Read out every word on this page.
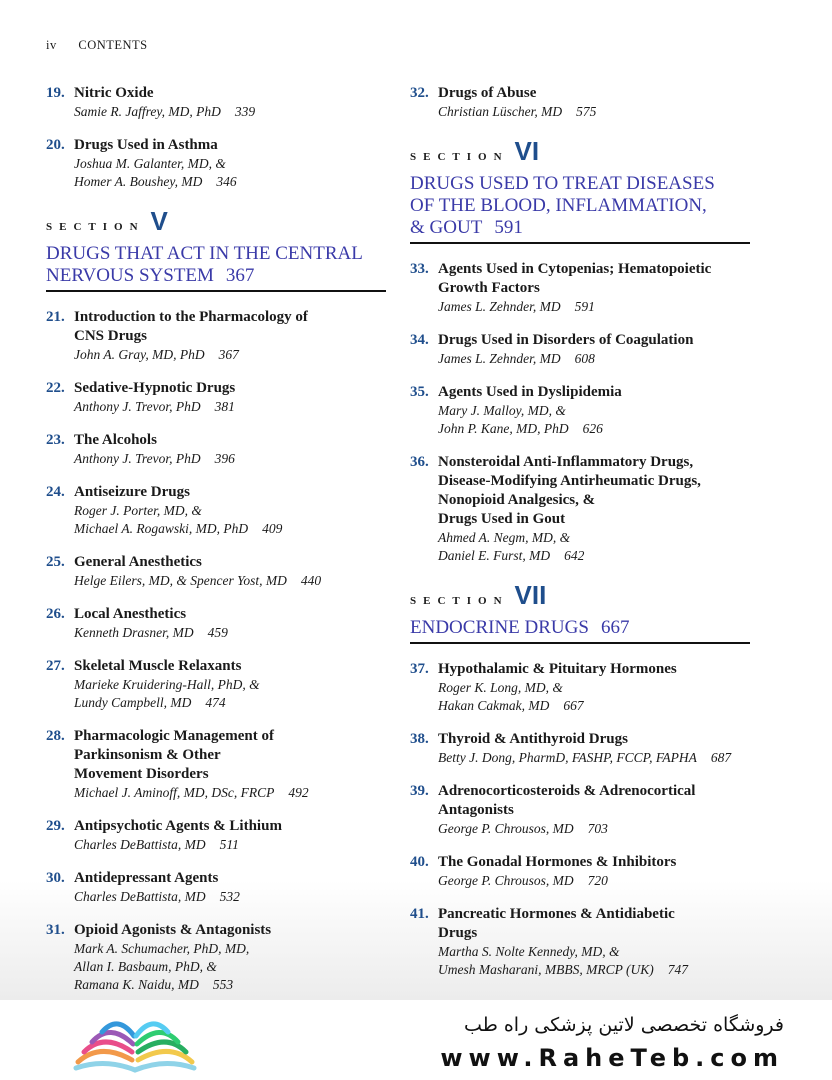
iv CONTENTS
19. Nitric Oxide
Samie R. Jaffrey, MD, PhD 339
20. Drugs Used in Asthma
Joshua M. Galanter, MD, &
Homer A. Boushey, MD 346
SECTION V
DRUGS THAT ACT IN THE CENTRAL
NERVOUS SYSTEM 367
21. Introduction to the Pharmacology of
CNS Drugs
John A. Gray, MD, PhD 367
22. Sedative-Hypnotic Drugs
Anthony J. Trevor, PhD 381
23. The Alcohols
Anthony J. Trevor, PhD 396
24. Antiseizure Drugs
Roger J. Porter, MD, &
Michael A. Rogawski, MD, PhD 409
25. General Anesthetics
Helge Eilers, MD, & Spencer Yost, MD 440
26. Local Anesthetics
Kenneth Drasner, MD 459
27. Skeletal Muscle Relaxants
Marieke Kruidering-Hall, PhD, &
Lundy Campbell, MD 474
28. Pharmacologic Management of
Parkinsonism & Other
Movement Disorders
Michael J. Aminoff, MD, DSc, FRCP 492
29. Antipsychotic Agents & Lithium
Charles DeBattista, MD 511
30. Antidepressant Agents
Charles DeBattista, MD 532
31. Opioid Agonists & Antagonists
Mark A. Schumacher, PhD, MD,
Allan I. Basbaum, PhD, &
Ramana K. Naidu, MD 553
32. Drugs of Abuse
Christian Lüscher, MD 575
SECTION VI
DRUGS USED TO TREAT DISEASES
OF THE BLOOD, INFLAMMATION,
& GOUT 591
33. Agents Used in Cytopenias; Hematopoietic
Growth Factors
James L. Zehnder, MD 591
34. Drugs Used in Disorders of Coagulation
James L. Zehnder, MD 608
35. Agents Used in Dyslipidemia
Mary J. Malloy, MD, &
John P. Kane, MD, PhD 626
36. Nonsteroidal Anti-Inflammatory Drugs,
Disease-Modifying Antirheumatic Drugs,
Nonopioid Analgesics, &
Drugs Used in Gout
Ahmed A. Negm, MD, &
Daniel E. Furst, MD 642
SECTION VII
ENDOCRINE DRUGS 667
37. Hypothalamic & Pituitary Hormones
Roger K. Long, MD, &
Hakan Cakmak, MD 667
38. Thyroid & Antithyroid Drugs
Betty J. Dong, PharmD, FASHP, FCCP, FAPHA 687
39. Adrenocorticosteroids & Adrenocortical
Antagonists
George P. Chrousos, MD 703
40. The Gonadal Hormones & Inhibitors
George P. Chrousos, MD 720
41. Pancreatic Hormones & Antidiabetic
Drugs
Martha S. Nolte Kennedy, MD, &
Umesh Masharani, MBBS, MRCP (UK) 747
فروشگاه تخصصی لاتین پزشکی راه طب
www.RaheTeb.com
